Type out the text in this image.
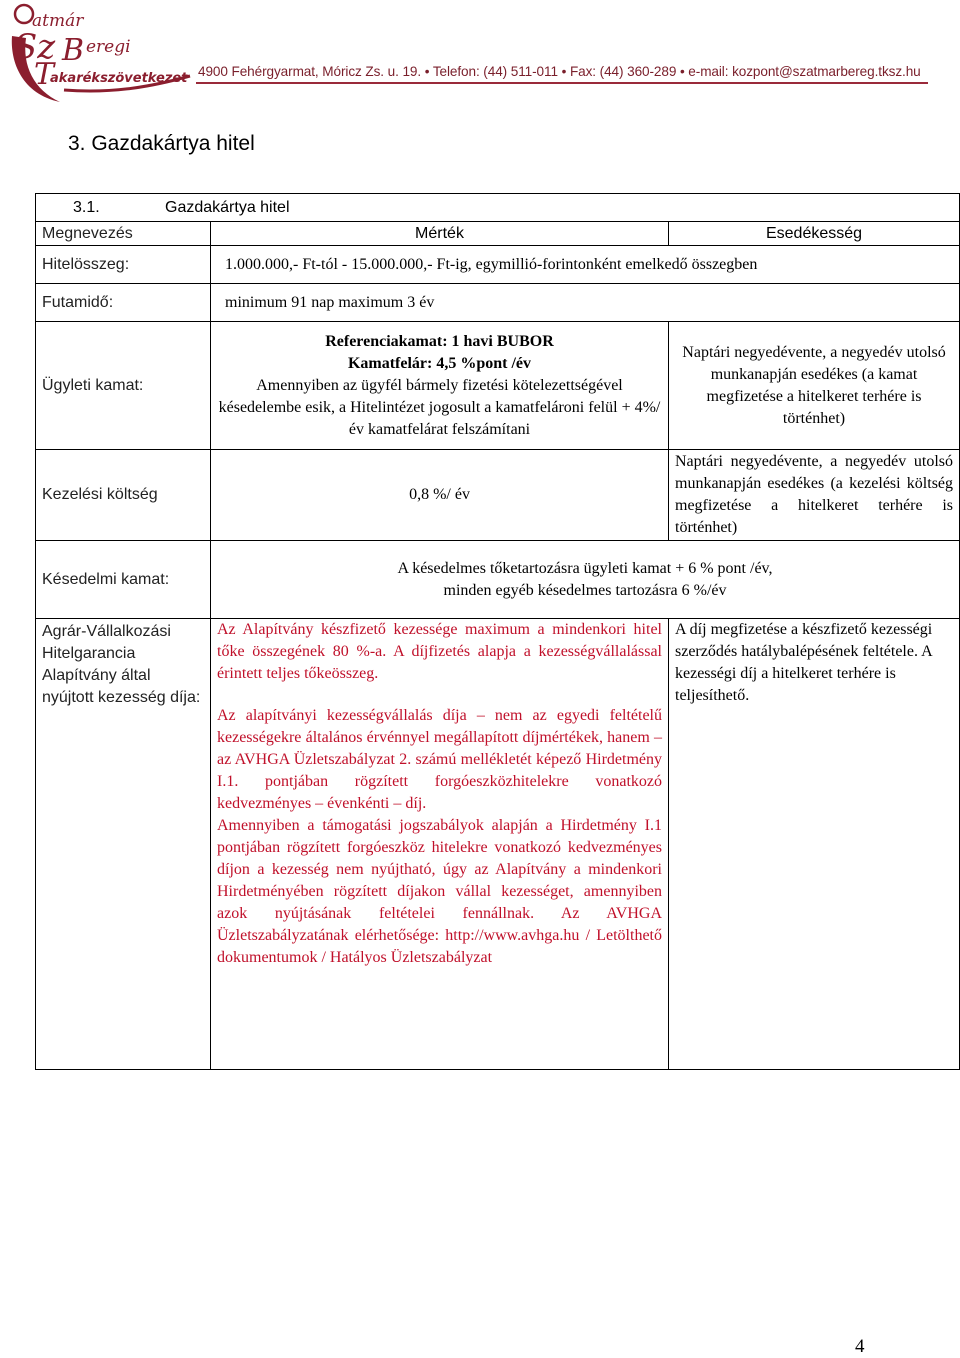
atmár
Sz B eregi
T
akarékszövetkezet 4900 Fehérgyarmat, Móricz Zs. u. 19. • Telefon: (44) 511-011 • Fax: (44) 360-289 • e-mail: kozpont@szatmarbereg.tksz.hu
3. Gazdakártya hitel
3.1. Gazdakártya hitel		
Megnevezés	Mérték	Esedékesség
Hitelösszeg:	1.000.000,- Ft-tól - 15.000.000,- Ft-ig, egymillió-forintonként emelkedő összegben	
Futamidő:	minimum 91 nap maximum 3 év	
Ügyleti kamat:	Referenciakamat: 1 havi BUBOR
Kamatfelár: 4,5 %pont /év
Amennyiben az ügyfél bármely fizetési kötelezettségével késedelembe esik, a Hitelintézet jogosult a kamatfelároni felül + 4%/év kamatfelárat felszámítani	Naptári negyedévente, a negyedév utolsó munkanapján esedékes (a kamat megfizetése a hitelkeret terhére is történhet)
Kezelési költség	0,8 %/ év	Naptári negyedévente, a negyedév utolsó munkanapján esedékes (a kezelési költség megfizetése a hitelkeret terhére is történhet)
Késedelmi kamat:	A késedelmes tőketartozásra ügyleti kamat + 6 % pont /év,
minden egyéb késedelmes tartozásra 6 %/év	

Agrár-Vállalkozási Hitelgarancia Alapítvány által nyújtott kezesség díja:	Az Alapítvány készfizető kezessége maximum a mindenkori hitel tőke összegének 80 %-a. A díjfizetés alapja a kezességvállalással érintett teljes tőkeösszeg.
Az alapítványi kezességvállalás díja – nem az egyedi feltételű kezességekre általános érvénnyel megállapított díjmértékek, hanem – az AVHGA Üzletszabályzat 2. számú mellékletét képező Hirdetmény I.1. pontjában rögzített forgóeszközhitelekre vonatkozó kedvezményes – évenkénti – díj.
Amennyiben a támogatási jogszabályok alapján a Hirdetmény I.1 pontjában rögzített forgóeszköz hitelekre vonatkozó kedvezményes díjon a kezesség nem nyújtható, úgy az Alapítvány a mindenkori Hirdetményében rögzített díjakon vállal kezességet, amennyiben azok nyújtásának feltételei fennállnak. Az AVHGA Üzletszabályzatának elérhetősége: http://www.avhga.hu / Letölthető dokumentumok / Hatályos Üzletszabályzat	A díj megfizetése a készfizető kezességi szerződés hatálybalépésének feltétele. A kezességi díj a hitelkeret terhére is teljesíthető.
4
